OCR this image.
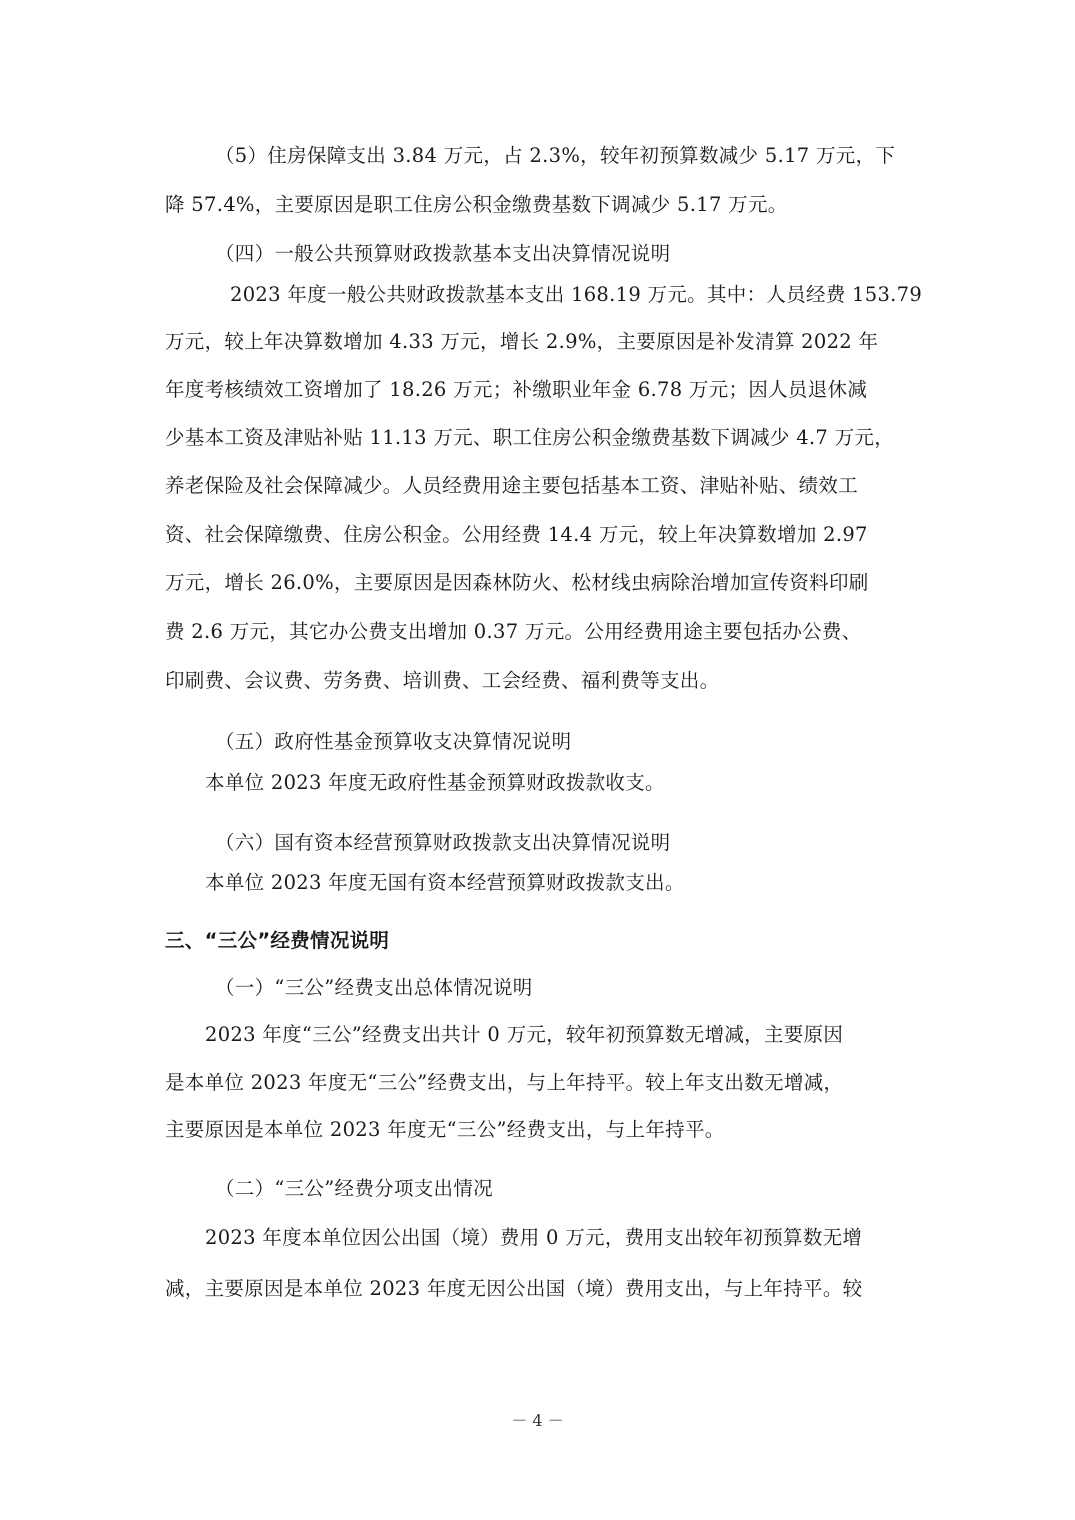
（5）住房保障支出 3.84 万元，占 2.3%，较年初预算数减少 5.17 万元，下
降 57.4%，主要原因是职工住房公积金缴费基数下调减少 5.17 万元。
（四）一般公共预算财政拨款基本支出决算情况说明
2023 年度一般公共财政拨款基本支出 168.19 万元。其中：人员经费 153.79
万元，较上年决算数增加 4.33 万元，增长 2.9%，主要原因是补发清算 2022 年
年度考核绩效工资增加了 18.26 万元；补缴职业年金 6.78 万元；因人员退休减
少基本工资及津贴补贴 11.13 万元、职工住房公积金缴费基数下调减少 4.7 万元，
养老保险及社会保障减少。人员经费用途主要包括基本工资、津贴补贴、绩效工
资、社会保障缴费、住房公积金。公用经费 14.4 万元，较上年决算数增加 2.97
万元，增长 26.0%，主要原因是因森林防火、松材线虫病除治增加宣传资料印刷
费 2.6 万元，其它办公费支出增加 0.37 万元。公用经费用途主要包括办公费、
印刷费、会议费、劳务费、培训费、工会经费、福利费等支出。
（五）政府性基金预算收支决算情况说明
本单位 2023 年度无政府性基金预算财政拨款收支。
（六）国有资本经营预算财政拨款支出决算情况说明
本单位 2023 年度无国有资本经营预算财政拨款支出。
三、“三公”经费情况说明
（一）“三公”经费支出总体情况说明
2023 年度“三公”经费支出共计 0 万元，较年初预算数无增减，主要原因
是本单位 2023 年度无“三公”经费支出，与上年持平。较上年支出数无增减，
主要原因是本单位 2023 年度无“三公”经费支出，与上年持平。
（二）“三公”经费分项支出情况
2023 年度本单位因公出国（境）费用 0 万元，费用支出较年初预算数无增
减，主要原因是本单位 2023 年度无因公出国（境）费用支出，与上年持平。较
－ 4 －
